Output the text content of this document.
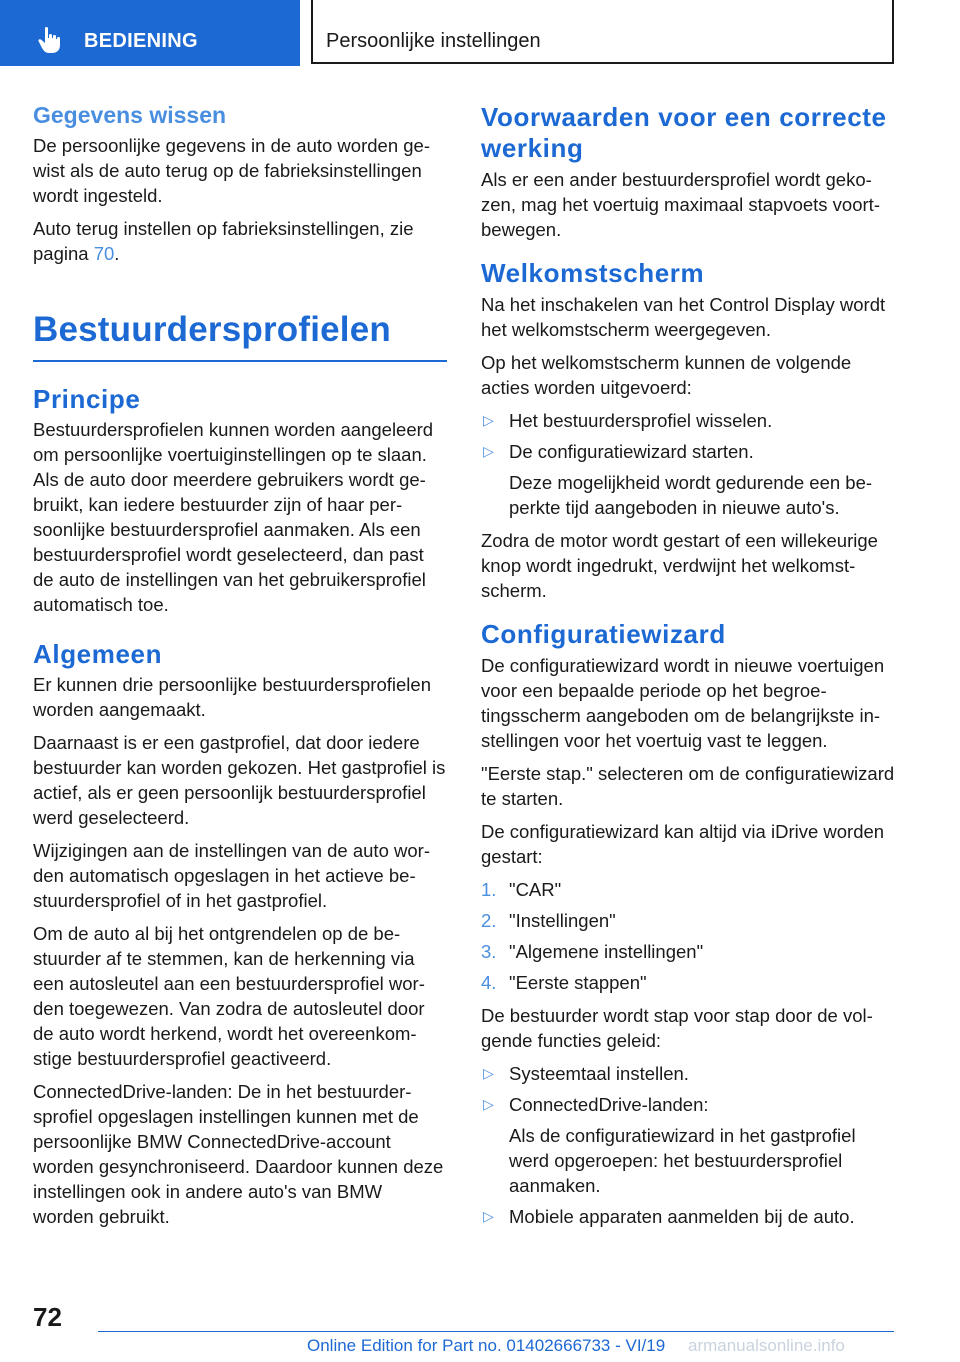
BEDIENING	Persoonlijke instellingen
Gegevens wissen

De persoonlijke gegevens in de auto worden gewist als de auto terug op de fabrieksinstellingen wordt ingesteld.

Auto terug instellen op fabrieksinstellingen, zie pagina 70.

Bestuurdersprofielen
Principe

Bestuurdersprofielen kunnen worden aangeleerd om persoonlijke voertuiginstellingen op te slaan. Als de auto door meerdere gebruikers wordt gebruikt, kan iedere bestuurder zijn of haar persoonlijke bestuurdersprofiel aanmaken. Als een bestuurdersprofiel wordt geselecteerd, dan past de auto de instellingen van het gebruikersprofiel automatisch toe.

Algemeen

Er kunnen drie persoonlijke bestuurdersprofielen worden aangemaakt.

Daarnaast is er een gastprofiel, dat door iedere bestuurder kan worden gekozen. Het gastprofiel is actief, als er geen persoonlijk bestuurdersprofiel werd geselecteerd.

Wijzigingen aan de instellingen van de auto worden automatisch opgeslagen in het actieve bestuurdersprofiel of in het gastprofiel.

Om de auto al bij het ontgrendelen op de bestuurder af te stemmen, kan de herkenning via een autosleutel aan een bestuurdersprofiel worden toegewezen. Van zodra de autosleutel door de auto wordt herkend, wordt het overeenkomstige bestuurdersprofiel geactiveerd.

ConnectedDrive-landen: De in het bestuurdersprofiel opgeslagen instellingen kunnen met de persoonlijke BMW ConnectedDrive-account worden gesynchroniseerd. Daardoor kunnen deze instellingen ook in andere auto's van BMW worden gebruikt.

Voorwaarden voor een correcte werking

Als er een ander bestuurdersprofiel wordt gekozen, mag het voertuig maximaal stapvoets voortbewegen.

Welkomstscherm

Na het inschakelen van het Control Display wordt het welkomstscherm weergegeven.

Op het welkomstscherm kunnen de volgende acties worden uitgevoerd:

▷ Het bestuurdersprofiel wisselen.
▷ De configuratiewizard starten.
Deze mogelijkheid wordt gedurende een beperkte tijd aangeboden in nieuwe auto's.

Zodra de motor wordt gestart of een willekeurige knop wordt ingedrukt, verdwijnt het welkomstscherm.

Configuratiewizard

De configuratiewizard wordt in nieuwe voertuigen voor een bepaalde periode op het begroetingsscherm aangeboden om de belangrijkste instellingen voor het voertuig vast te leggen.

"Eerste stap." selecteren om de configuratiewizard te starten.

De configuratiewizard kan altijd via iDrive worden gestart:

1. "CAR"
2. "Instellingen"
3. "Algemene instellingen"
4. "Eerste stappen"

De bestuurder wordt stap voor stap door de volgende functies geleid:

▷ Systeemtaal instellen.
▷ ConnectedDrive-landen:
Als de configuratiewizard in het gastprofiel werd opgeroepen: het bestuurdersprofiel aanmaken.
▷ Mobiele apparaten aanmelden bij de auto.
72
Online Edition for Part no. 01402666733 - VI/19 armanualsonline.info
